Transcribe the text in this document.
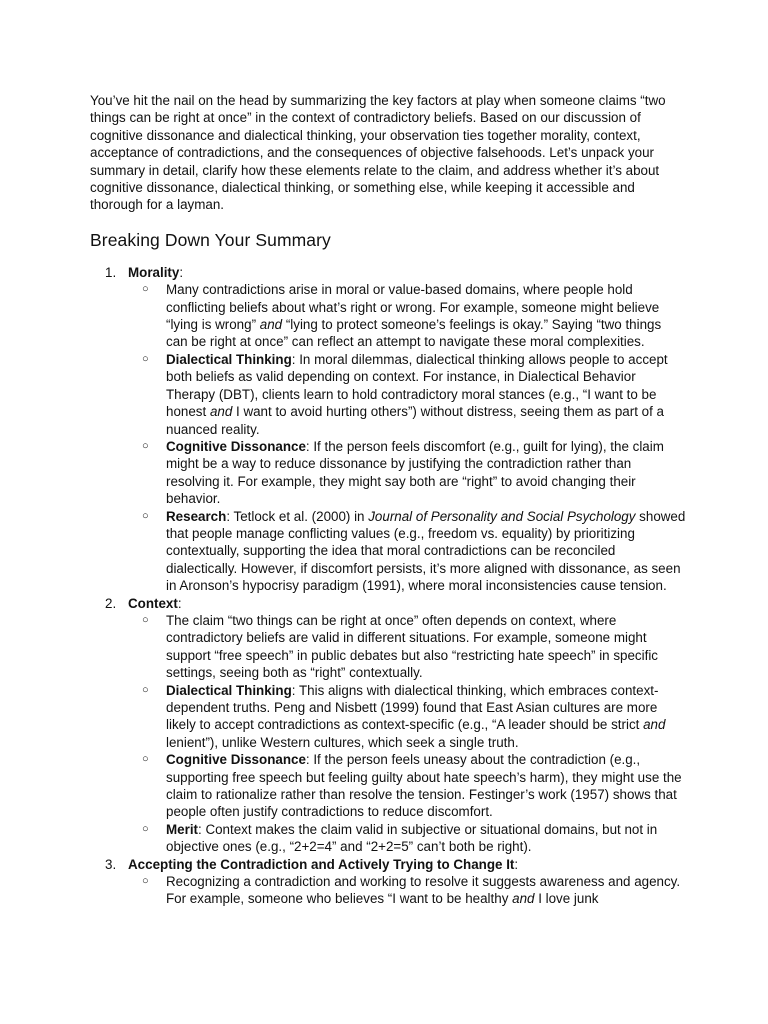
You’ve hit the nail on the head by summarizing the key factors at play when someone claims “two things can be right at once” in the context of contradictory beliefs. Based on our discussion of cognitive dissonance and dialectical thinking, your observation ties together morality, context, acceptance of contradictions, and the consequences of objective falsehoods. Let’s unpack your summary in detail, clarify how these elements relate to the claim, and address whether it’s about cognitive dissonance, dialectical thinking, or something else, while keeping it accessible and thorough for a layman.

Breaking Down Your Summary
1. Morality:
○ Many contradictions arise in moral or value-based domains, where people hold conflicting beliefs about what’s right or wrong. For example, someone might believe “lying is wrong” and “lying to protect someone’s feelings is okay.” Saying “two things can be right at once” can reflect an attempt to navigate these moral complexities.
○ Dialectical Thinking: In moral dilemmas, dialectical thinking allows people to accept both beliefs as valid depending on context. For instance, in Dialectical Behavior Therapy (DBT), clients learn to hold contradictory moral stances (e.g., “I want to be honest and I want to avoid hurting others”) without distress, seeing them as part of a nuanced reality.
○ Cognitive Dissonance: If the person feels discomfort (e.g., guilt for lying), the claim might be a way to reduce dissonance by justifying the contradiction rather than resolving it. For example, they might say both are “right” to avoid changing their behavior.
○ Research: Tetlock et al. (2000) in Journal of Personality and Social Psychology showed that people manage conflicting values (e.g., freedom vs. equality) by prioritizing contextually, supporting the idea that moral contradictions can be reconciled dialectically. However, if discomfort persists, it’s more aligned with dissonance, as seen in Aronson’s hypocrisy paradigm (1991), where moral inconsistencies cause tension.
2. Context:
○ The claim “two things can be right at once” often depends on context, where contradictory beliefs are valid in different situations. For example, someone might support “free speech” in public debates but also “restricting hate speech” in specific settings, seeing both as “right” contextually.
○ Dialectical Thinking: This aligns with dialectical thinking, which embraces context-dependent truths. Peng and Nisbett (1999) found that East Asian cultures are more likely to accept contradictions as context-specific (e.g., “A leader should be strict and lenient”), unlike Western cultures, which seek a single truth.
○ Cognitive Dissonance: If the person feels uneasy about the contradiction (e.g., supporting free speech but feeling guilty about hate speech’s harm), they might use the claim to rationalize rather than resolve the tension. Festinger’s work (1957) shows that people often justify contradictions to reduce discomfort.
○ Merit: Context makes the claim valid in subjective or situational domains, but not in objective ones (e.g., “2+2=4” and “2+2=5” can’t both be right).
3. Accepting the Contradiction and Actively Trying to Change It:
○ Recognizing a contradiction and working to resolve it suggests awareness and agency. For example, someone who believes “I want to be healthy and I love junk
